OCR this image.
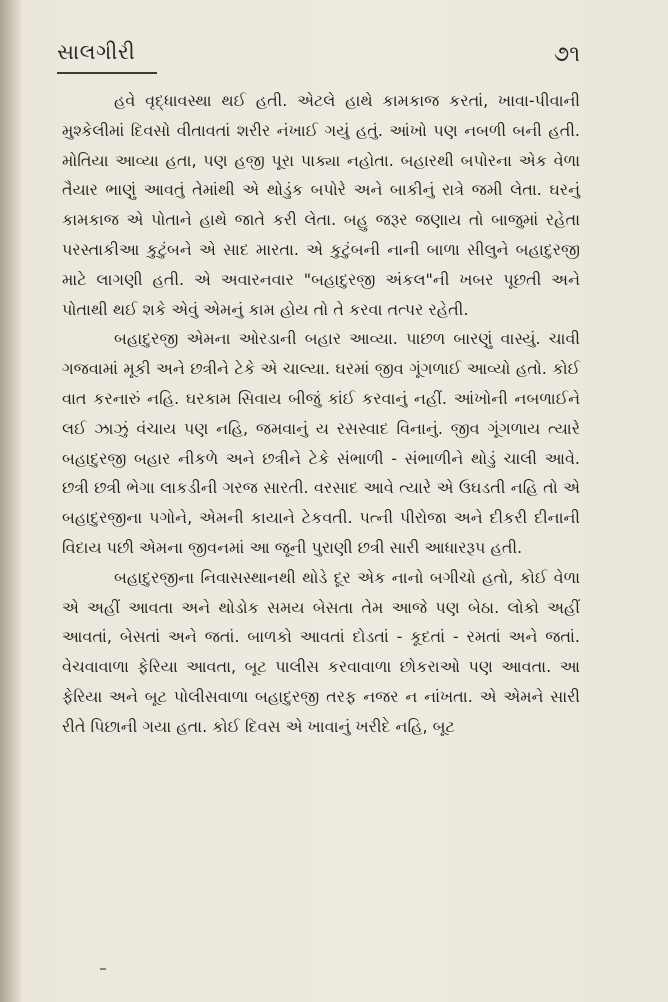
સાલગીરી	૭૧

હવે વૃદ્ધાવસ્થા થઈ હતી. એટલે હાથે કામકાજ કરતાં, ખાવા-પીવાની મુશ્કેલીમાં દિવસો વીતાવતાં શરીર નંખાઈ ગયું હતું. આંખો પણ નબળી બની હતી. મોતિયા આવ્યા હતા, પણ હજી પૂરા પાક્યા નહોતા. બહારથી બપોરના એક વેળા તૈયાર ભાણું આવતું તેમાંથી એ થોડુંક બપોરે અને બાકીનું રાત્રે જમી લેતા. ઘરનું કામકાજ એ પોતાને હાથે જાતે કરી લેતા. બહુ જરૂર જણાય તો બાજુમાં રહેતા પરસ્તાકીઆ કુટુંબને એ સાદ મારતા. એ કુટુંબની નાની બાળા સીલુને બહાદુરજી માટે લાગણી હતી. એ અવારનવાર "બહાદુરજી અંકલ"ની ખબર પૂછતી અને પોતાથી થઈ શકે એવું એમનું કામ હોય તો તે કરવા તત્પર રહેતી.

બહાદુરજી એમના ઓરડાની બહાર આવ્યા. પાછળ બારણું વાસ્યું. ચાવી ગજવામાં મૂકી અને છત્રીને ટેકે એ ચાલ્યા. ઘરમાં જીવ ગૂંગળાઈ આવ્યો હતો. કોઈ વાત કરનારું નહિ. ઘરકામ સિવાય બીજું કાંઈ કરવાનું નહીં. આંખોની નબળાઈને લઈ ઝાઝું વંચાય પણ નહિ, જમવાનું ય રસસ્વાદ વિનાનું. જીવ ગૂંગળાય ત્યારે બહાદુરજી બહાર નીકળે અને છત્રીને ટેકે સંભાળી - સંભાળીને થોડું ચાલી આવે. છત્રી છત્રી ભેગા લાકડીની ગરજ સારતી. વરસાદ આવે ત્યારે એ ઉઘડતી નહિ તો એ બહાદુરજીના પગોને, એમની કાયાને ટેકવતી. પત્ની પીરોજા અને દીકરી દીનાની વિદાય પછી એમના જીવનમાં આ જૂની પુરાણી છત્રી સારી આધારરૂપ હતી.

બહાદુરજીના નિવાસસ્થાનથી થોડે દૂર એક નાનો બગીચો હતો, કોઈ વેળા એ અહીં આવતા અને થોડોક સમય બેસતા તેમ આજે પણ બેઠા. લોકો અહીં આવતાં, બેસતાં અને જતાં. બાળકો આવતાં દોડતાં - કૂદતાં - રમતાં અને જતાં. વેચવાવાળા ફેરિયા આવતા, બૂટ પાલીસ કરવાવાળા છોકરાઓ પણ આવતા. આ ફેરિયા અને બૂટ પોલીસવાળા બહાદુરજી તરફ નજર ન નાંખતા. એ એમને સારી રીતે પિછાની ગયા હતા. કોઈ દિવસ એ ખાવાનું ખરીદે નહિ, બૂટ
